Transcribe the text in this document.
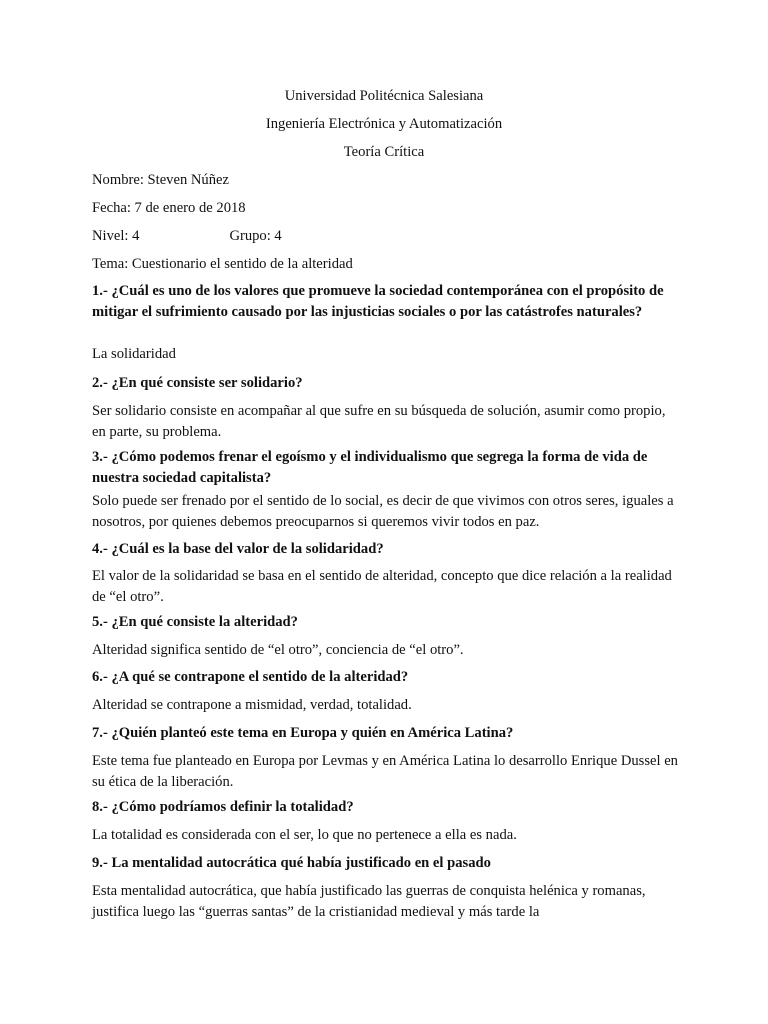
Universidad Politécnica Salesiana
Ingeniería Electrónica y Automatización
Teoría Crítica
Nombre: Steven Núñez
Fecha: 7 de enero de 2018
Nivel: 4	Grupo: 4
Tema: Cuestionario el sentido de la alteridad
1.- ¿Cuál es uno de los valores que promueve la sociedad contemporánea con el propósito de mitigar el sufrimiento causado por las injusticias sociales o por las catástrofes naturales?
La solidaridad
2.- ¿En qué consiste ser solidario?
Ser solidario consiste en acompañar al que sufre en su búsqueda de solución, asumir como propio, en parte, su problema.
3.- ¿Cómo podemos frenar el egoísmo y el individualismo que segrega la forma de vida de nuestra sociedad capitalista?
Solo puede ser frenado por el sentido de lo social, es decir de que vivimos con otros seres, iguales a nosotros, por quienes debemos preocuparnos si queremos vivir todos en paz.
4.- ¿Cuál es la base del valor de la solidaridad?
El valor de la solidaridad se basa en el sentido de alteridad, concepto que dice relación a la realidad de “el otro”.
5.- ¿En qué consiste la alteridad?
Alteridad significa sentido de “el otro”, conciencia de “el otro”.
6.- ¿A qué se contrapone el sentido de la alteridad?
Alteridad se contrapone a mismidad, verdad, totalidad.
7.- ¿Quién planteó este tema en Europa y quién en América Latina?
Este tema fue planteado en Europa por Levmas y en América Latina lo desarrollo Enrique Dussel en su ética de la liberación.
8.- ¿Cómo podríamos definir la totalidad?
La totalidad es considerada con el ser, lo que no pertenece a ella es nada.
9.- La mentalidad autocrática qué había justificado en el pasado
Esta mentalidad autocrática, que había justificado las guerras de conquista helénica y romanas, justifica luego las “guerras santas” de la cristianidad medieval y más tarde la
